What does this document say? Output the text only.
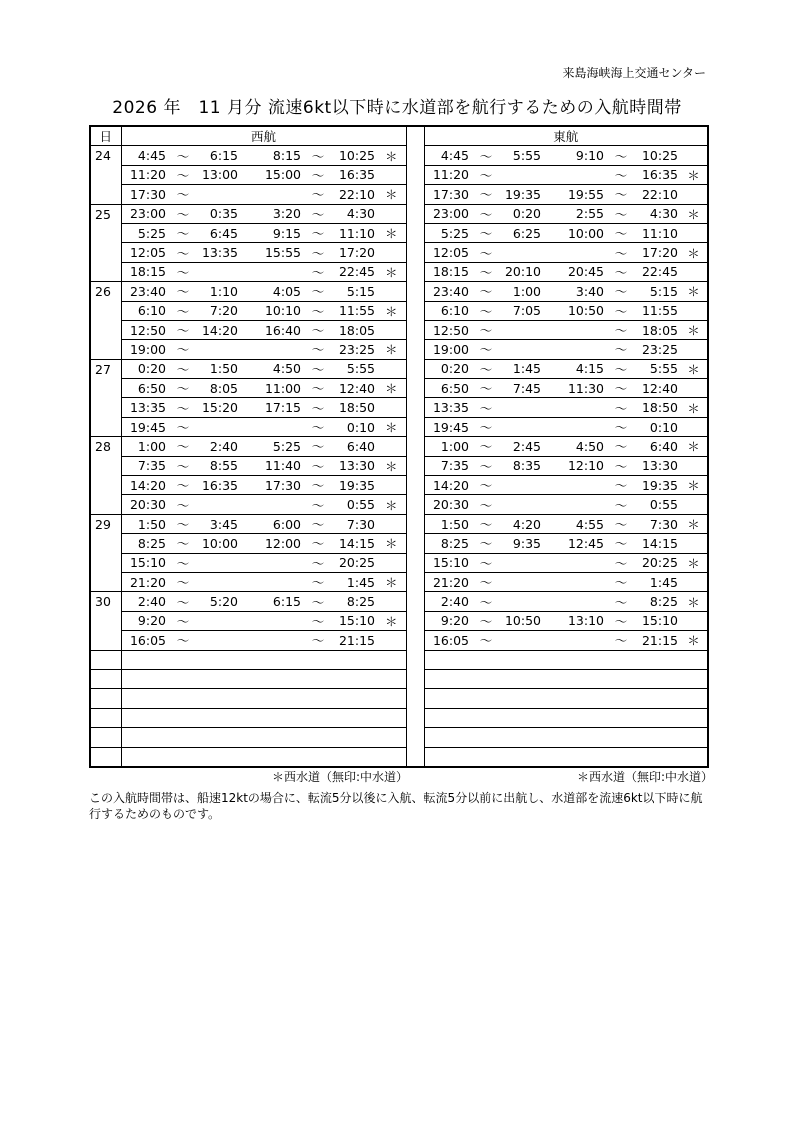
来島海峡海上交通センター
2026 年　11 月分 流速6kt以下時に水道部を航行するための入航時間帯
日	西航								東航						
24	4:45	〜	6:15	8:15	〜	10:25	＊		4:45	〜	5:55	9:10	〜	10:25	
	11:20	〜	13:00	15:00	〜	16:35			11:20	〜			〜	16:35	＊
	17:30	〜			〜	22:10	＊		17:30	〜	19:35	19:55	〜	22:10	
25	23:00	〜	0:35	3:20	〜	4:30			23:00	〜	0:20	2:55	〜	4:30	＊
	5:25	〜	6:45	9:15	〜	11:10	＊		5:25	〜	6:25	10:00	〜	11:10	
	12:05	〜	13:35	15:55	〜	17:20			12:05	〜			〜	17:20	＊
	18:15	〜			〜	22:45	＊		18:15	〜	20:10	20:45	〜	22:45	
26	23:40	〜	1:10	4:05	〜	5:15			23:40	〜	1:00	3:40	〜	5:15	＊
	6:10	〜	7:20	10:10	〜	11:55	＊		6:10	〜	7:05	10:50	〜	11:55	
	12:50	〜	14:20	16:40	〜	18:05			12:50	〜			〜	18:05	＊
	19:00	〜			〜	23:25	＊		19:00	〜			〜	23:25	
27	0:20	〜	1:50	4:50	〜	5:55			0:20	〜	1:45	4:15	〜	5:55	＊
	6:50	〜	8:05	11:00	〜	12:40	＊		6:50	〜	7:45	11:30	〜	12:40	
	13:35	〜	15:20	17:15	〜	18:50			13:35	〜			〜	18:50	＊
	19:45	〜			〜	0:10	＊		19:45	〜			〜	0:10	
28	1:00	〜	2:40	5:25	〜	6:40			1:00	〜	2:45	4:50	〜	6:40	＊
	7:35	〜	8:55	11:40	〜	13:30	＊		7:35	〜	8:35	12:10	〜	13:30	
	14:20	〜	16:35	17:30	〜	19:35			14:20	〜			〜	19:35	＊
	20:30	〜			〜	0:55	＊		20:30	〜			〜	0:55	
29	1:50	〜	3:45	6:00	〜	7:30			1:50	〜	4:20	4:55	〜	7:30	＊
	8:25	〜	10:00	12:00	〜	14:15	＊		8:25	〜	9:35	12:45	〜	14:15	
	15:10	〜			〜	20:25			15:10	〜			〜	20:25	＊
	21:20	〜			〜	1:45	＊		21:20	〜			〜	1:45	
30	2:40	〜	5:20	6:15	〜	8:25			2:40	〜			〜	8:25	＊
	9:20	〜			〜	15:10	＊		9:20	〜	10:50	13:10	〜	15:10	
	16:05	〜			〜	21:15			16:05	〜			〜	21:15	＊

＊西水道（無印:中水道）	＊西水道（無印:中水道）
この入航時間帯は、船速12ktの場合に、転流5分以後に入航、転流5分以前に出航し、水道部を流速6kt以下時に航行するためのものです。
